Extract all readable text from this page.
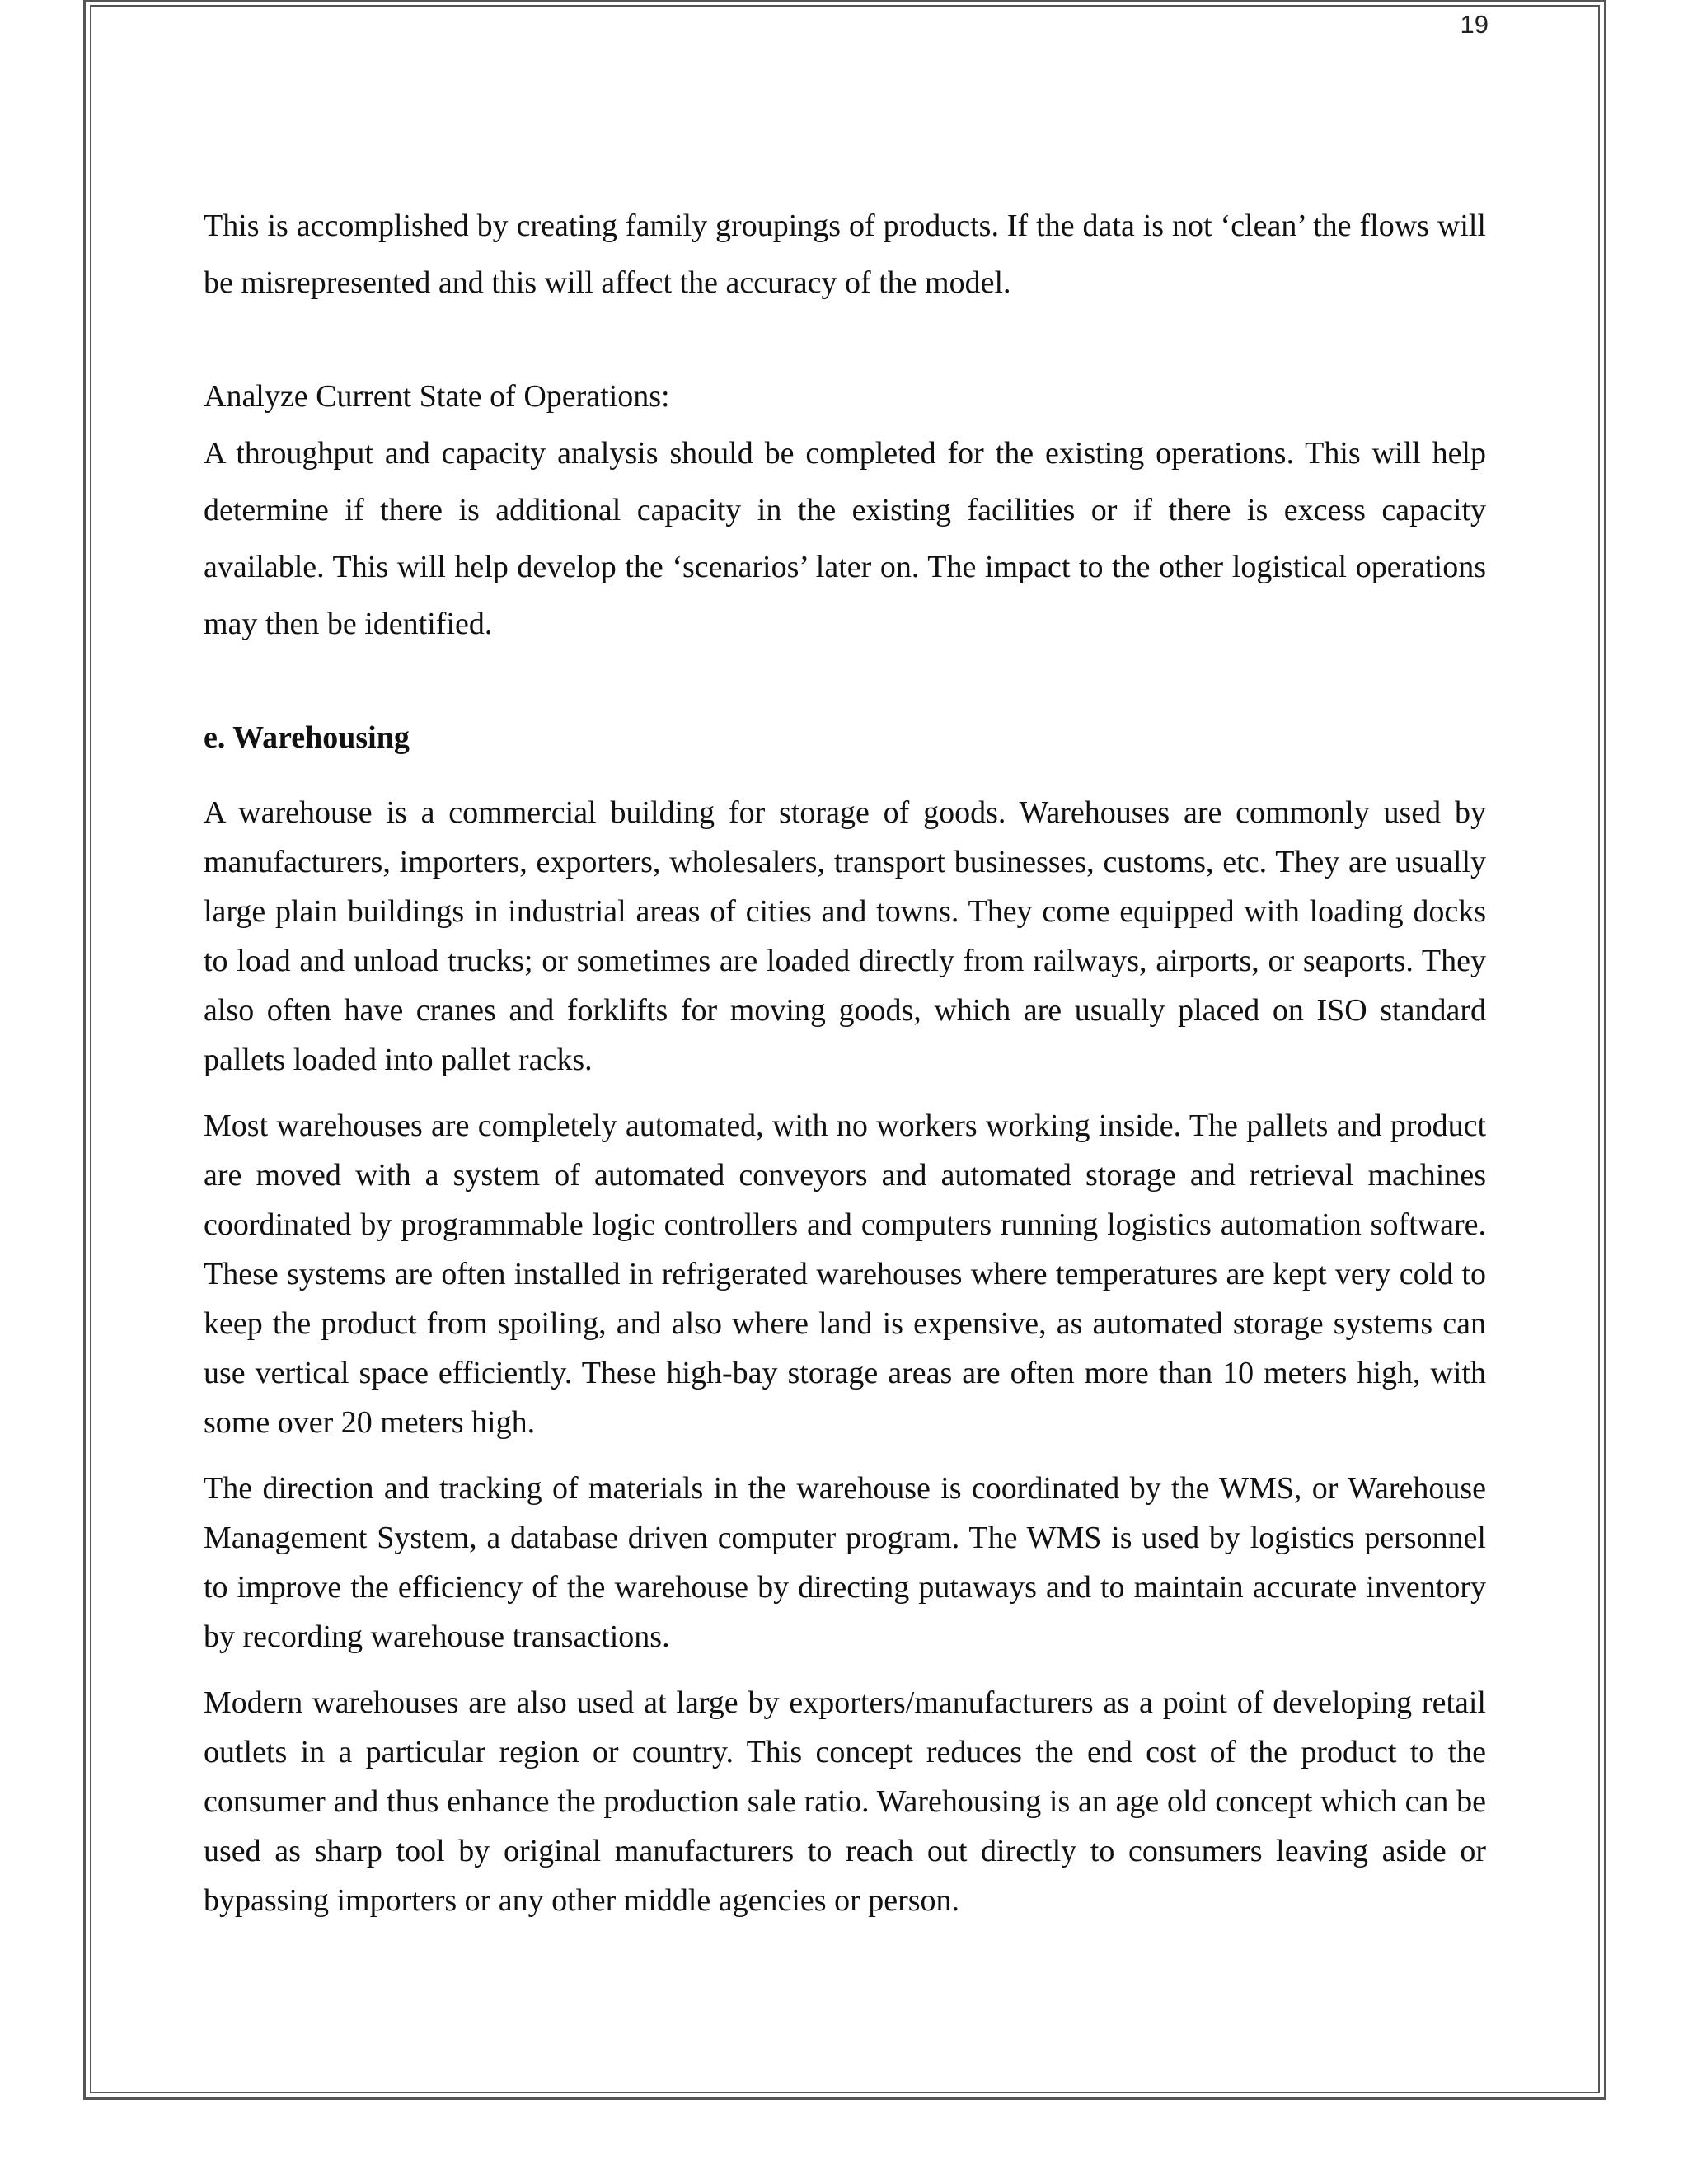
19

This is accomplished by creating family groupings of products. If the data is not ‘clean’ the flows will be misrepresented and this will affect the accuracy of the model.

Analyze Current State of Operations:

A throughput and capacity analysis should be completed for the existing operations. This will help determine if there is additional capacity in the existing facilities or if there is excess capacity available. This will help develop the ‘scenarios’ later on. The impact to the other logistical operations may then be identified.

e. Warehousing

A warehouse is a commercial building for storage of goods. Warehouses are commonly used by manufacturers, importers, exporters, wholesalers, transport businesses, customs, etc. They are usually large plain buildings in industrial areas of cities and towns. They come equipped with loading docks to load and unload trucks; or sometimes are loaded directly from railways, airports, or seaports. They also often have cranes and forklifts for moving goods, which are usually placed on ISO standard pallets loaded into pallet racks.

Most warehouses are completely automated, with no workers working inside. The pallets and product are moved with a system of automated conveyors and automated storage and retrieval machines coordinated by programmable logic controllers and computers running logistics automation software. These systems are often installed in refrigerated warehouses where temperatures are kept very cold to keep the product from spoiling, and also where land is expensive, as automated storage systems can use vertical space efficiently. These high-bay storage areas are often more than 10 meters high, with some over 20 meters high.

The direction and tracking of materials in the warehouse is coordinated by the WMS, or Warehouse Management System, a database driven computer program. The WMS is used by logistics personnel to improve the efficiency of the warehouse by directing putaways and to maintain accurate inventory by recording warehouse transactions.

Modern warehouses are also used at large by exporters/manufacturers as a point of developing retail outlets in a particular region or country. This concept reduces the end cost of the product to the consumer and thus enhance the production sale ratio. Warehousing is an age old concept which can be used as sharp tool by original manufacturers to reach out directly to consumers leaving aside or bypassing importers or any other middle agencies or person.
